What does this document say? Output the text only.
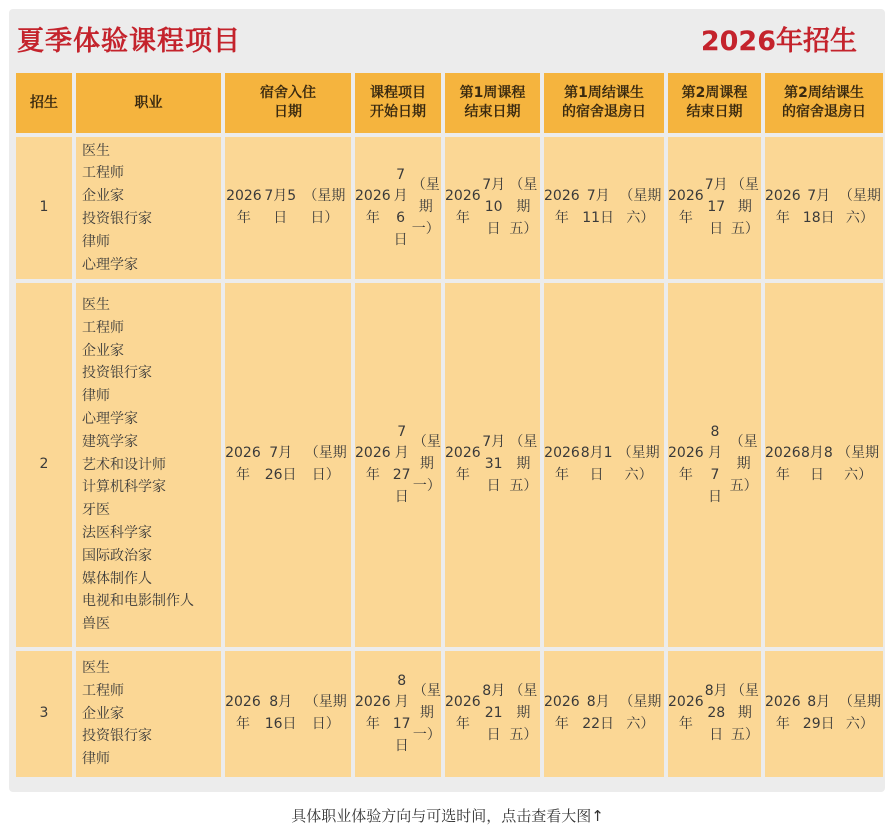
夏季体验课程项目	2026年招生
招生	职业
宿舍入住
日期
课程项目
开始日期
第1周课程
结束日期
第1周结课生
的宿舍退房日
第2周课程
结束日期
第2周结课生
的宿舍退房日
1
医生
工程师
企业家
投资银行家
律师
心理学家
2026年
7月5日
（星期日）
2026年
7月6日
（星期一）
2026年
7月10日
（星期五）
2026年
7月11日
（星期六）
2026年
7月17日
（星期五）
2026年
7月18日
（星期六）
2
医生
工程师
企业家
投资银行家
律师
心理学家
建筑学家
艺术和设计师
计算机科学家
牙医
法医科学家
国际政治家
媒体制作人
电视和电影制作人
兽医
2026年
7月26日
（星期日）
2026年
7月27日
（星期一）
2026年
7月31日
（星期五）
2026年
8月1日
（星期六）
2026年
8月7日
（星期五）
2026年
8月8日
（星期六）
3
医生
工程师
企业家
投资银行家
律师
2026年
8月16日
（星期日）
2026年
8月17日
（星期一）
2026年
8月21日
（星期五）
2026年
8月22日
（星期六）
2026年
8月28日
（星期五）
2026年
8月29日
（星期六）
具体职业体验方向与可选时间，点击查看大图↑
